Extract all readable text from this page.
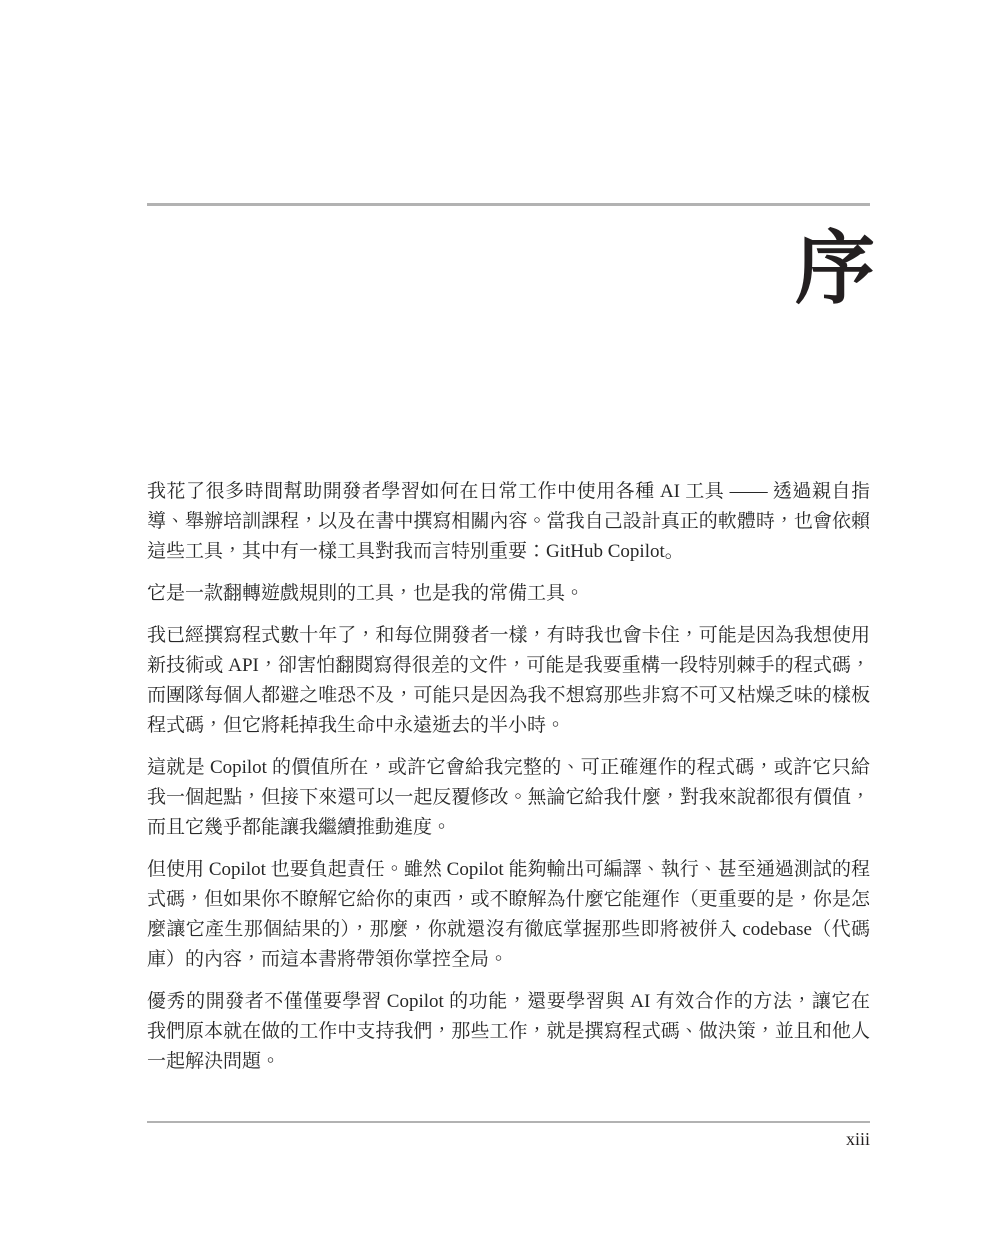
序

我花了很多時間幫助開發者學習如何在日常工作中使用各種 AI 工具 —— 透過親自指導、舉辦培訓課程，以及在書中撰寫相關內容。當我自己設計真正的軟體時，也會依賴這些工具，其中有一樣工具對我而言特別重要：GitHub Copilot。

它是一款翻轉遊戲規則的工具，也是我的常備工具。

我已經撰寫程式數十年了，和每位開發者一樣，有時我也會卡住，可能是因為我想使用新技術或 API，卻害怕翻閱寫得很差的文件，可能是我要重構一段特別棘手的程式碼，而團隊每個人都避之唯恐不及，可能只是因為我不想寫那些非寫不可又枯燥乏味的樣板程式碼，但它將耗掉我生命中永遠逝去的半小時。

這就是 Copilot 的價值所在，或許它會給我完整的、可正確運作的程式碼，或許它只給我一個起點，但接下來還可以一起反覆修改。無論它給我什麼，對我來說都很有價值，而且它幾乎都能讓我繼續推動進度。

但使用 Copilot 也要負起責任。雖然 Copilot 能夠輸出可編譯、執行、甚至通過測試的程式碼，但如果你不瞭解它給你的東西，或不瞭解為什麼它能運作（更重要的是，你是怎麼讓它產生那個結果的），那麼，你就還沒有徹底掌握那些即將被併入 codebase（代碼庫）的內容，而這本書將帶領你掌控全局。

優秀的開發者不僅僅要學習 Copilot 的功能，還要學習與 AI 有效合作的方法，讓它在我們原本就在做的工作中支持我們，那些工作，就是撰寫程式碼、做決策，並且和他人一起解決問題。

xiii
